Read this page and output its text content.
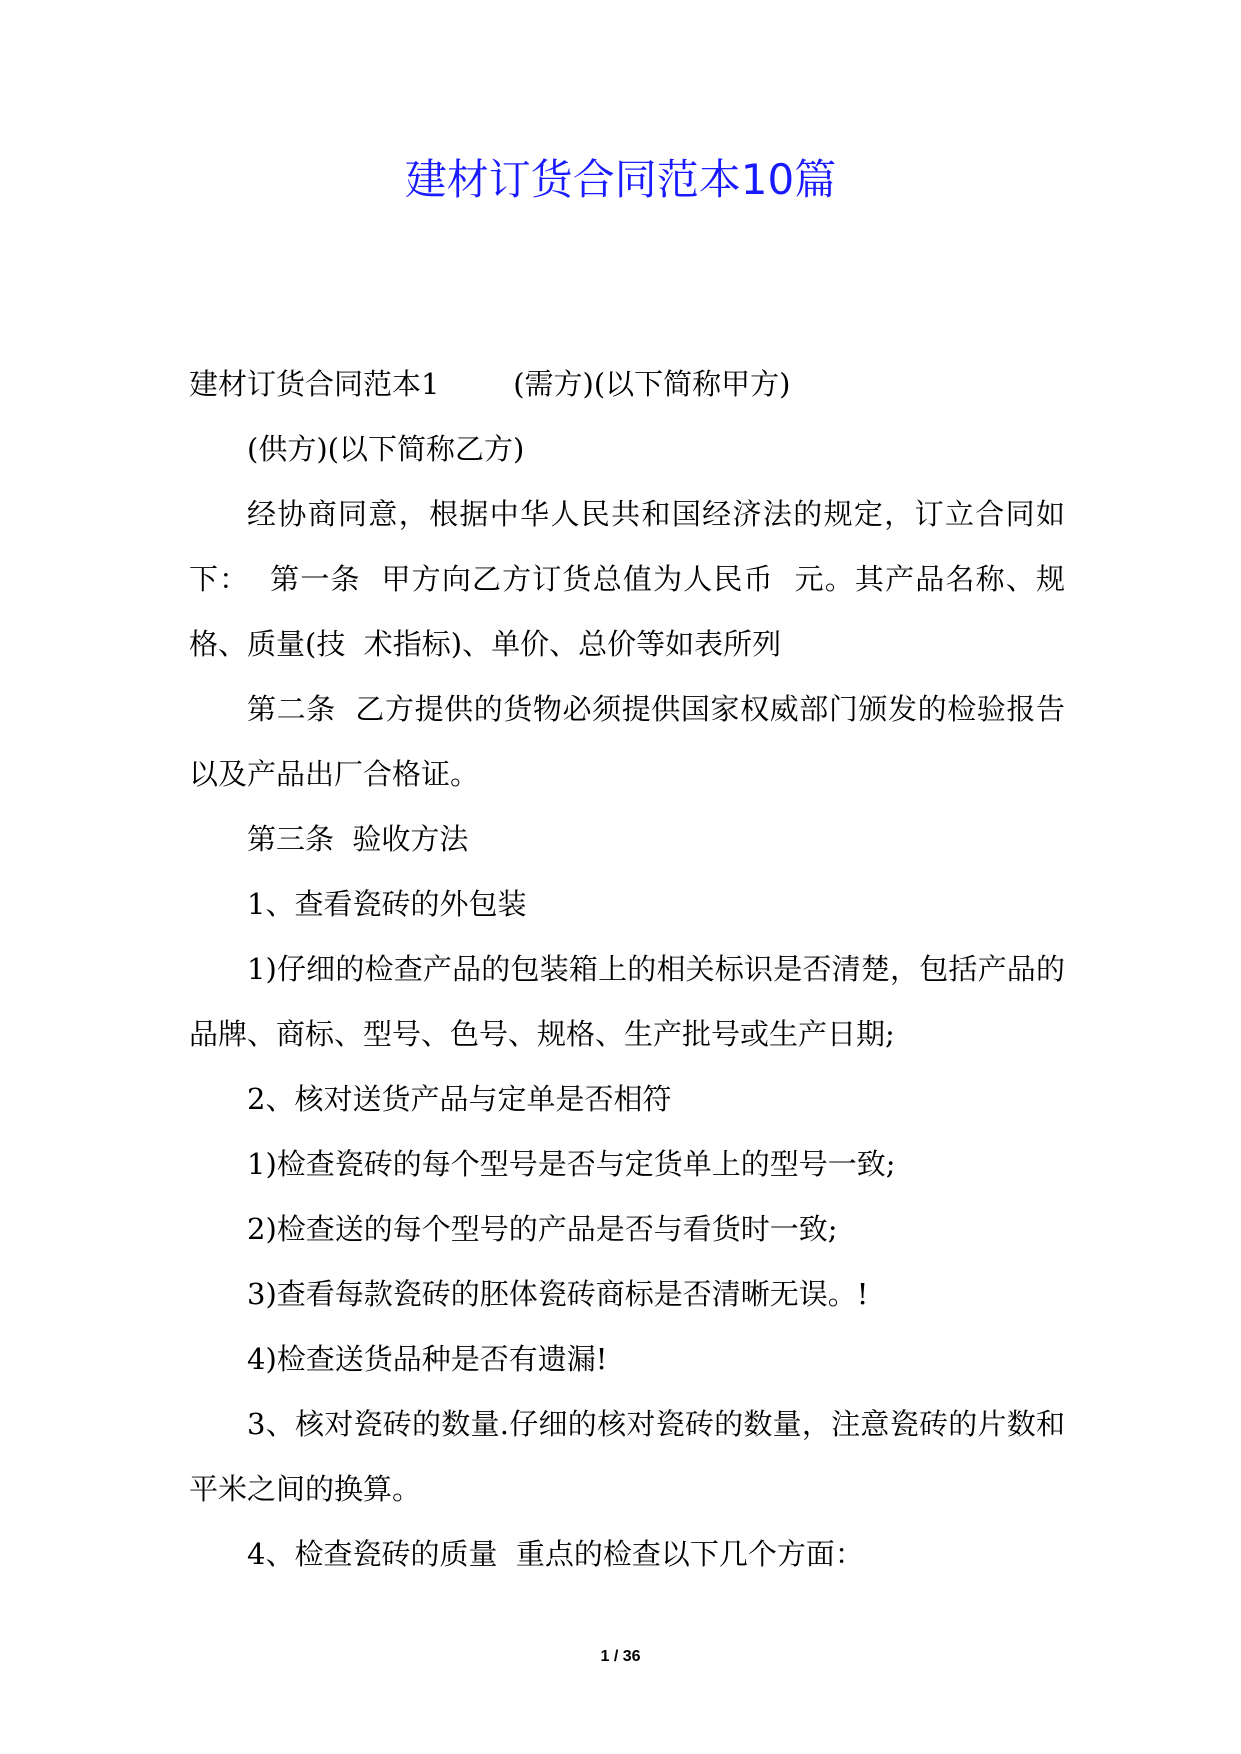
建材订货合同范本10篇

建材订货合同范本1        (需方)(以下简称甲方)

(供方)(以下简称乙方)

经协商同意，根据中华人民共和国经济法的规定，订立合同如下：  第一条  甲方向乙方订货总值为人民币  元。其产品名称、规格、质量(技  术指标)、单价、总价等如表所列

第二条  乙方提供的货物必须提供国家权威部门颁发的检验报告以及产品出厂合格证。

第三条  验收方法

1、查看瓷砖的外包装

1)仔细的检查产品的包装箱上的相关标识是否清楚，包括产品的品牌、商标、型号、色号、规格、生产批号或生产日期;

2、核对送货产品与定单是否相符

1)检查瓷砖的每个型号是否与定货单上的型号一致;

2)检查送的每个型号的产品是否与看货时一致;

3)查看每款瓷砖的胚体瓷砖商标是否清晰无误。!

4)检查送货品种是否有遗漏!

3、核对瓷砖的数量.仔细的核对瓷砖的数量，注意瓷砖的片数和平米之间的换算。

4、检查瓷砖的质量  重点的检查以下几个方面：

1 / 36
